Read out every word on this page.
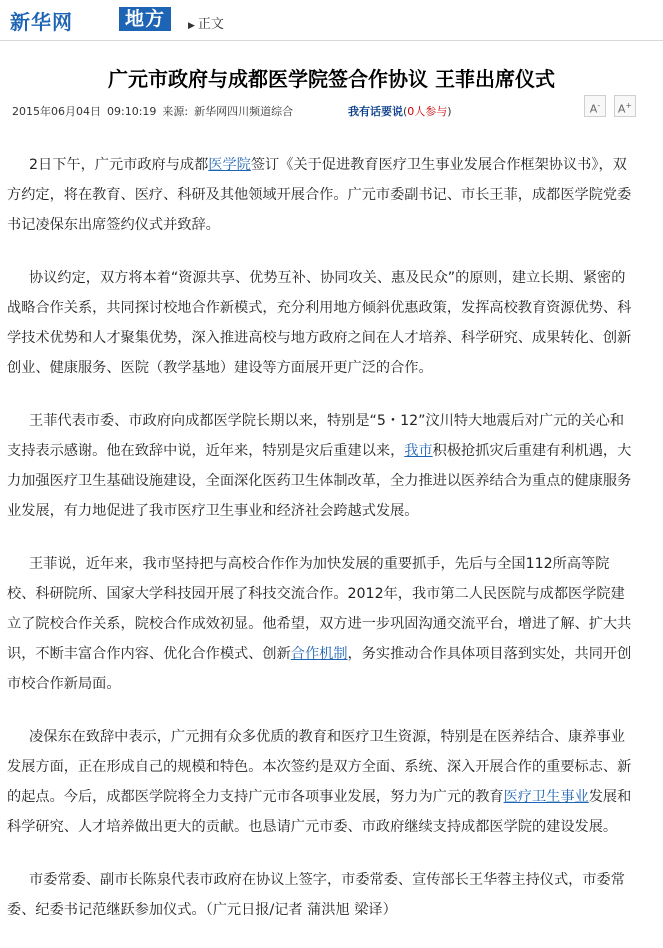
新华网	地方	▶ 正文
广元市政府与成都医学院签合作协议 王菲出席仪式
2015年06月04日 09:10:19 来源: 新华网四川频道综合	我有话要说(0人参与)	A-	A+

2日下午，广元市政府与成都医学院签订《关于促进教育医疗卫生事业发展合作框架协议书》，双方约定，将在教育、医疗、科研及其他领域开展合作。广元市委副书记、市长王菲，成都医学院党委书记凌保东出席签约仪式并致辞。

协议约定，双方将本着“资源共享、优势互补、协同攻关、惠及民众”的原则，建立长期、紧密的战略合作关系，共同探讨校地合作新模式，充分利用地方倾斜优惠政策，发挥高校教育资源优势、科学技术优势和人才聚集优势，深入推进高校与地方政府之间在人才培养、科学研究、成果转化、创新创业、健康服务、医院（教学基地）建设等方面展开更广泛的合作。

王菲代表市委、市政府向成都医学院长期以来，特别是“5・12”汶川特大地震后对广元的关心和支持表示感谢。他在致辞中说，近年来，特别是灾后重建以来，我市积极抢抓灾后重建有利机遇，大力加强医疗卫生基础设施建设，全面深化医药卫生体制改革，全力推进以医养结合为重点的健康服务业发展，有力地促进了我市医疗卫生事业和经济社会跨越式发展。

王菲说，近年来，我市坚持把与高校合作作为加快发展的重要抓手，先后与全国112所高等院校、科研院所、国家大学科技园开展了科技交流合作。2012年，我市第二人民医院与成都医学院建立了院校合作关系，院校合作成效初显。他希望，双方进一步巩固沟通交流平台，增进了解、扩大共识，不断丰富合作内容、优化合作模式、创新合作机制，务实推动合作具体项目落到实处，共同开创市校合作新局面。

凌保东在致辞中表示，广元拥有众多优质的教育和医疗卫生资源，特别是在医养结合、康养事业发展方面，正在形成自己的规模和特色。本次签约是双方全面、系统、深入开展合作的重要标志、新的起点。今后，成都医学院将全力支持广元市各项事业发展，努力为广元的教育医疗卫生事业发展和科学研究、人才培养做出更大的贡献。也恳请广元市委、市政府继续支持成都医学院的建设发展。

市委常委、副市长陈泉代表市政府在协议上签字，市委常委、宣传部长王华蓉主持仪式，市委常委、纪委书记范继跃参加仪式。（广元日报/记者 蒲洪旭 梁译）
